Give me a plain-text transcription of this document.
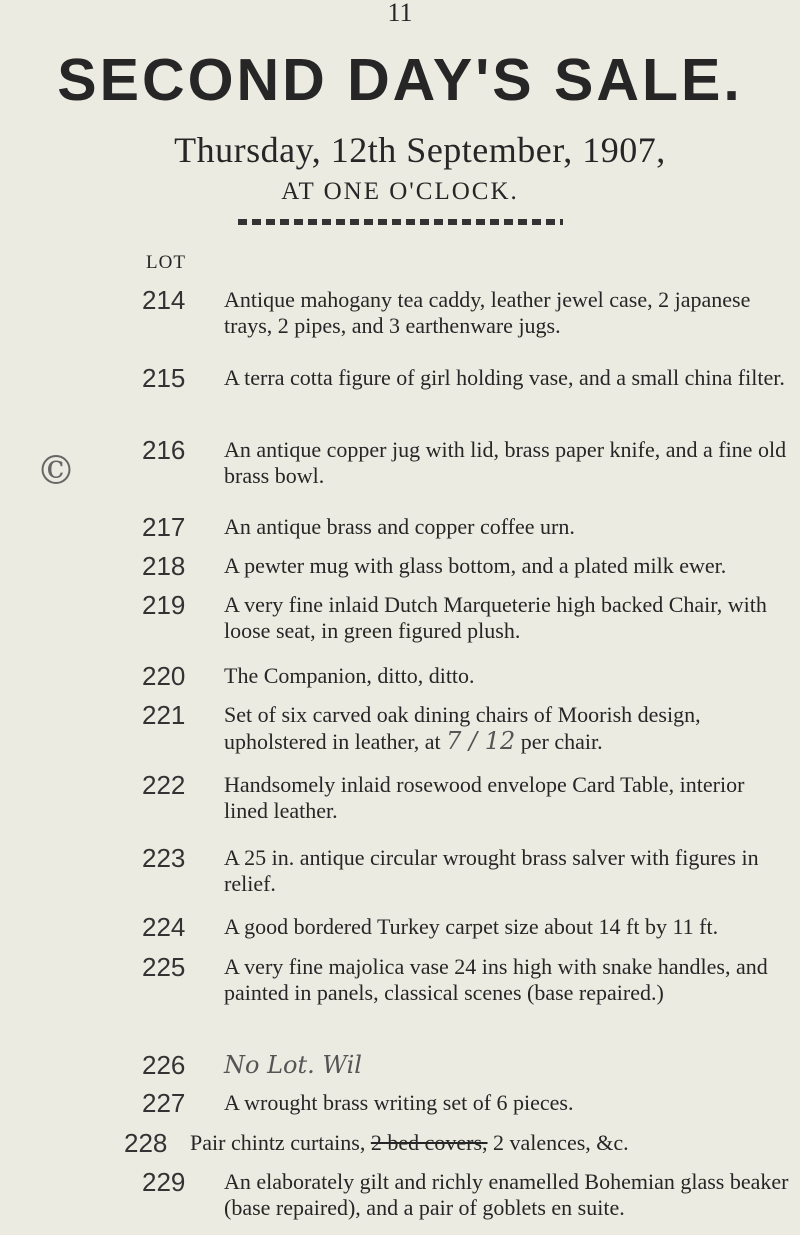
11
SECOND DAY'S SALE.
Thursday, 12th September, 1907,
AT ONE O'CLOCK.
LOT
©
214 Antique mahogany tea caddy, leather jewel case, 2 japanese trays, 2 pipes, and 3 earthenware jugs.
215 A terra cotta figure of girl holding vase, and a small china filter.
216 An antique copper jug with lid, brass paper knife, and a fine old brass bowl.
217 An antique brass and copper coffee urn.
218 A pewter mug with glass bottom, and a plated milk ewer.
219 A very fine inlaid Dutch Marqueterie high backed Chair, with loose seat, in green figured plush.
220 The Companion, ditto, ditto.
221 Set of six carved oak dining chairs of Moorish design, upholstered in leather, at 7 / 12 per chair.
222 Handsomely inlaid rosewood envelope Card Table, interior lined leather.
223 A 25 in. antique circular wrought brass salver with figures in relief.
224 A good bordered Turkey carpet size about 14 ft by 11 ft.
225 A very fine majolica vase 24 ins high with snake handles, and painted in panels, classical scenes (base repaired.)
226 No Lot. Wil
227 A wrought brass writing set of 6 pieces.
228 Pair chintz curtains, 2 bed covers, 2 valences, &c.
229 An elaborately gilt and richly enamelled Bohemian glass beaker (base repaired), and a pair of goblets en suite.
